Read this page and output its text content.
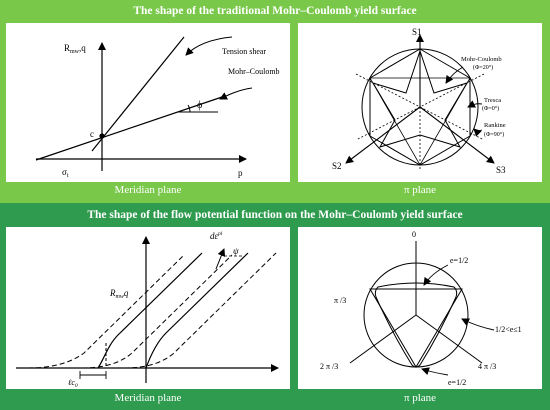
The shape of the traditional Mohr–Coulomb yield surface
$R_{mw},q$	Tension shear
Mohr–Coulomb
ϕ
c
$\sigma_t$	p
Meridian plane
S1
S2	S3
Mohr-Coulomb
(Φ=20°)
Tresca
(Φ=0°)
Rankine
(Φ=90°)
π plane
The shape of the flow potential function on the Mohr–Coulomb yield surface
$d\varepsilon^{pl}$
ψ
$R_{mw}q$
ℓc$_0$
Meridian plane
0
e=1/2
π /3
1/2<e≤1
2 π /3	4 π /3
e=1/2
π plane
